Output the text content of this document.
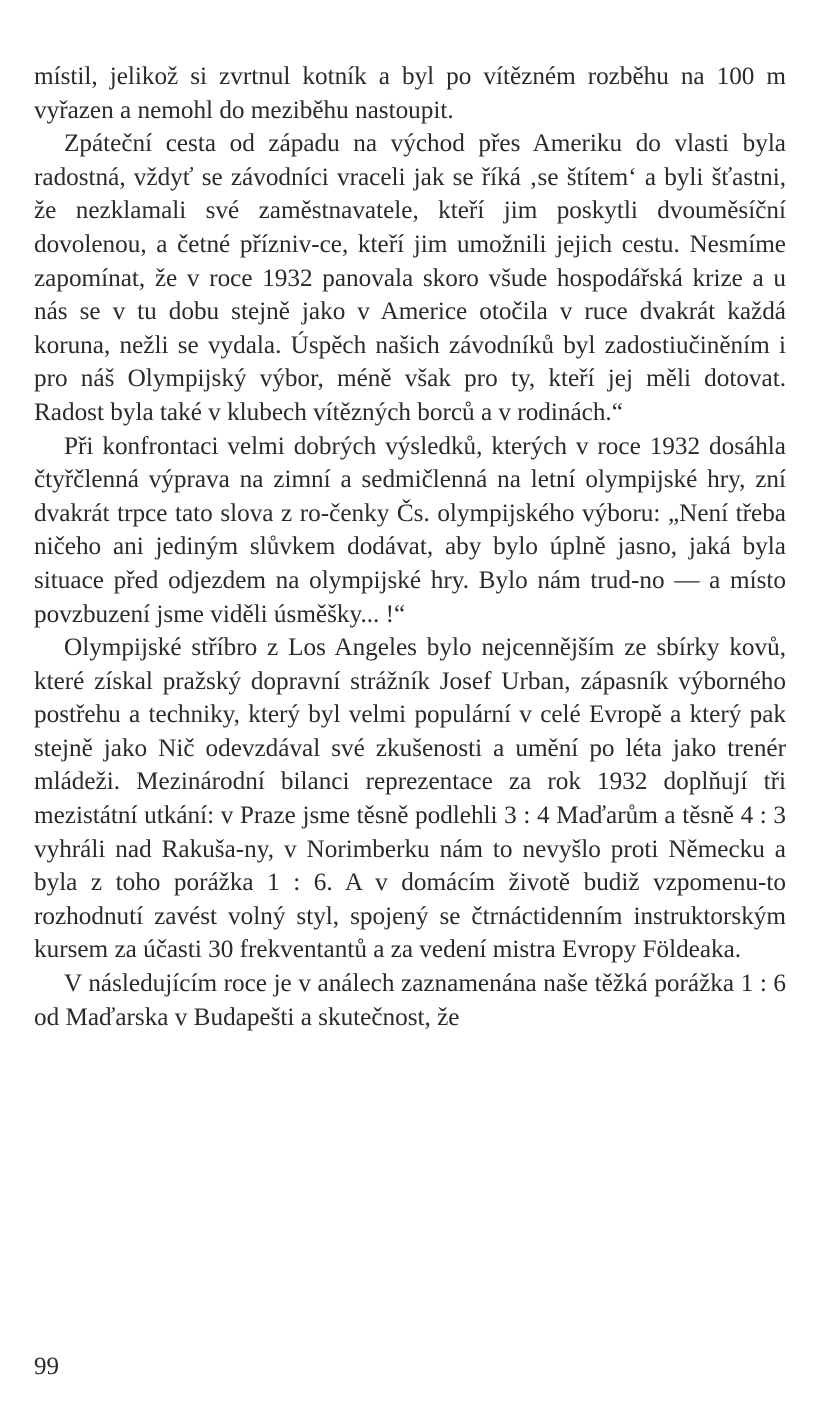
místil, jelikož si zvrtnul kotník a byl po vítězném rozběhu na 100 m vyřazen a nemohl do meziběhu nastoupit.

Zpáteční cesta od západu na východ přes Ameriku do vlasti byla radostná, vždyť se závodníci vraceli jak se říká ‚se štítem‘ a byli šťastni, že nezklamali své zaměstnavatele, kteří jim poskytli dvouměsíční dovolenou, a četné přízniv-ce, kteří jim umožnili jejich cestu. Nesmíme zapomínat, že v roce 1932 panovala skoro všude hospodářská krize a u nás se v tu dobu stejně jako v Americe otočila v ruce dvakrát každá koruna, nežli se vydala. Úspěch našich závodníků byl zadostiučiněním i pro náš Olympijský výbor, méně však pro ty, kteří jej měli dotovat. Radost byla také v klubech vítězných borců a v rodinách.“

Při konfrontaci velmi dobrých výsledků, kterých v roce 1932 dosáhla čtyřčlenná výprava na zimní a sedmičlenná na letní olympijské hry, zní dvakrát trpce tato slova z ro-čenky Čs. olympijského výboru: „Není třeba ničeho ani jediným slůvkem dodávat, aby bylo úplně jasno, jaká byla situace před odjezdem na olympijské hry. Bylo nám trud-no — a místo povzbuzení jsme viděli úsměšky... !“

Olympijské stříbro z Los Angeles bylo nejcennějším ze sbírky kovů, které získal pražský dopravní strážník Josef Urban, zápasník výborného postřehu a techniky, který byl velmi populární v celé Evropě a který pak stejně jako Nič odevzdával své zkušenosti a umění po léta jako trenér mládeži. Mezinárodní bilanci reprezentace za rok 1932 doplňují tři mezistátní utkání: v Praze jsme těsně podlehli 3 : 4 Maďarům a těsně 4 : 3 vyhráli nad Rakuša-ny, v Norimberku nám to nevyšlo proti Německu a byla z toho porážka 1 : 6. A v domácím životě budiž vzpomenu-to rozhodnutí zavést volný styl, spojený se čtrnáctidenním instruktorským kursem za účasti 30 frekventantů a za vedení mistra Evropy Földeaka.

V následujícím roce je v análech zaznamenána naše těžká porážka 1 : 6 od Maďarska v Budapešti a skutečnost, že

99
